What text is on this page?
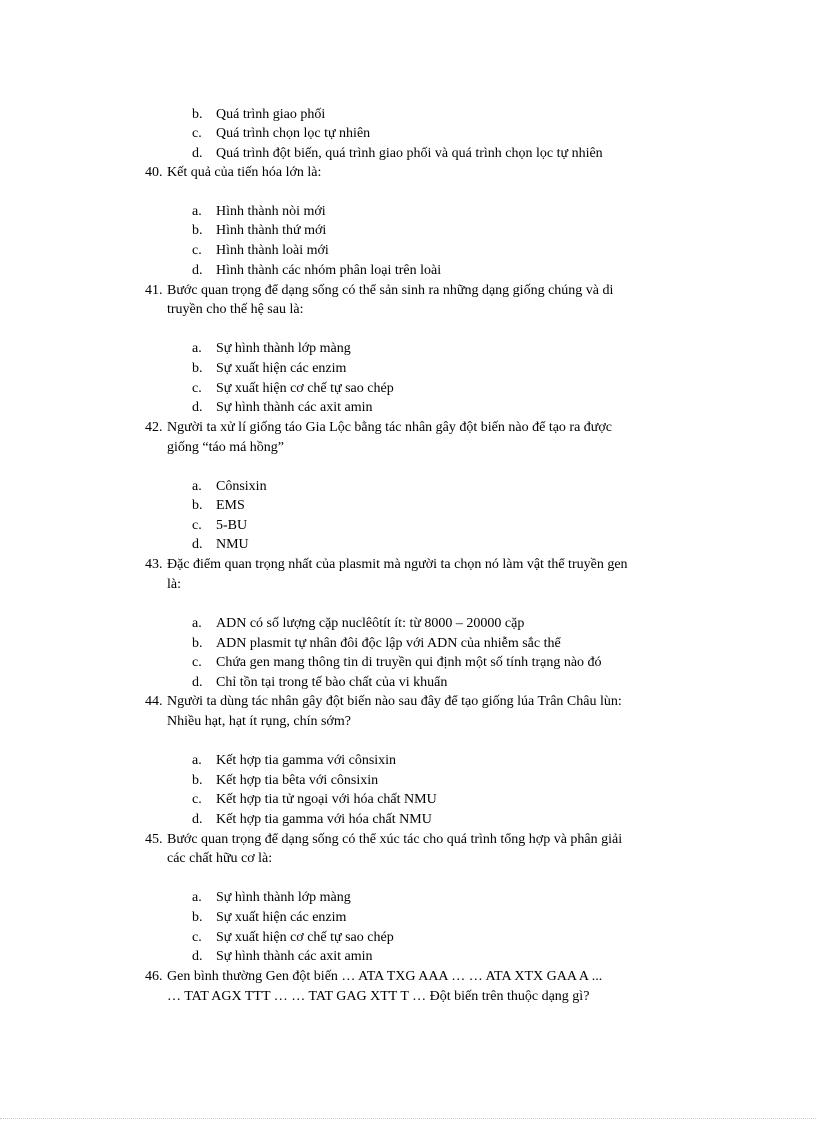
b. Quá trình giao phối
c. Quá trình chọn lọc tự nhiên
d. Quá trình đột biến, quá trình giao phối và quá trình chọn lọc tự nhiên
40. Kết quả của tiến hóa lớn là:
a. Hình thành nòi mới
b. Hình thành thứ mới
c. Hình thành loài mới
d. Hình thành các nhóm phân loại trên loài
41. Bước quan trọng để dạng sống có thể sản sinh ra những dạng giống chúng và di
truyền cho thế hệ sau là:
a. Sự hình thành lớp màng
b. Sự xuất hiện các enzim
c. Sự xuất hiện cơ chế tự sao chép
d. Sự hình thành các axit amin
42. Người ta xử lí giống táo Gia Lộc bằng tác nhân gây đột biến nào để tạo ra được
giống “táo má hồng”
a. Cônsixin
b. EMS
c. 5-BU
d. NMU
43. Đặc điểm quan trọng nhất của plasmit mà người ta chọn nó làm vật thể truyền gen
là:
a. ADN có số lượng cặp nuclêôtít ít: từ 8000 – 20000 cặp
b. ADN plasmit tự nhân đôi độc lập với ADN của nhiễm sắc thể
c. Chứa gen mang thông tin di truyền qui định một số tính trạng nào đó
d. Chỉ tồn tại trong tế bào chất của vi khuẩn
44. Người ta dùng tác nhân gây đột biến nào sau đây để tạo giống lúa Trân Châu lùn:
Nhiều hạt, hạt ít rụng, chín sớm?
a. Kết hợp tia gamma với cônsixin
b. Kết hợp tia bêta với cônsixin
c. Kết hợp tia tử ngoại với hóa chất NMU
d. Kết hợp tia gamma với hóa chất NMU
45. Bước quan trọng để dạng sống có thể xúc tác cho quá trình tổng hợp và phân giải
các chất hữu cơ là:
a. Sự hình thành lớp màng
b. Sự xuất hiện các enzim
c. Sự xuất hiện cơ chế tự sao chép
d. Sự hình thành các axit amin
46. Gen bình thường Gen đột biến … ATA TXG AAA … … ATA XTX GAA A ...
… TAT AGX TTT … … TAT GAG XTT T … Đột biến trên thuộc dạng gì?
